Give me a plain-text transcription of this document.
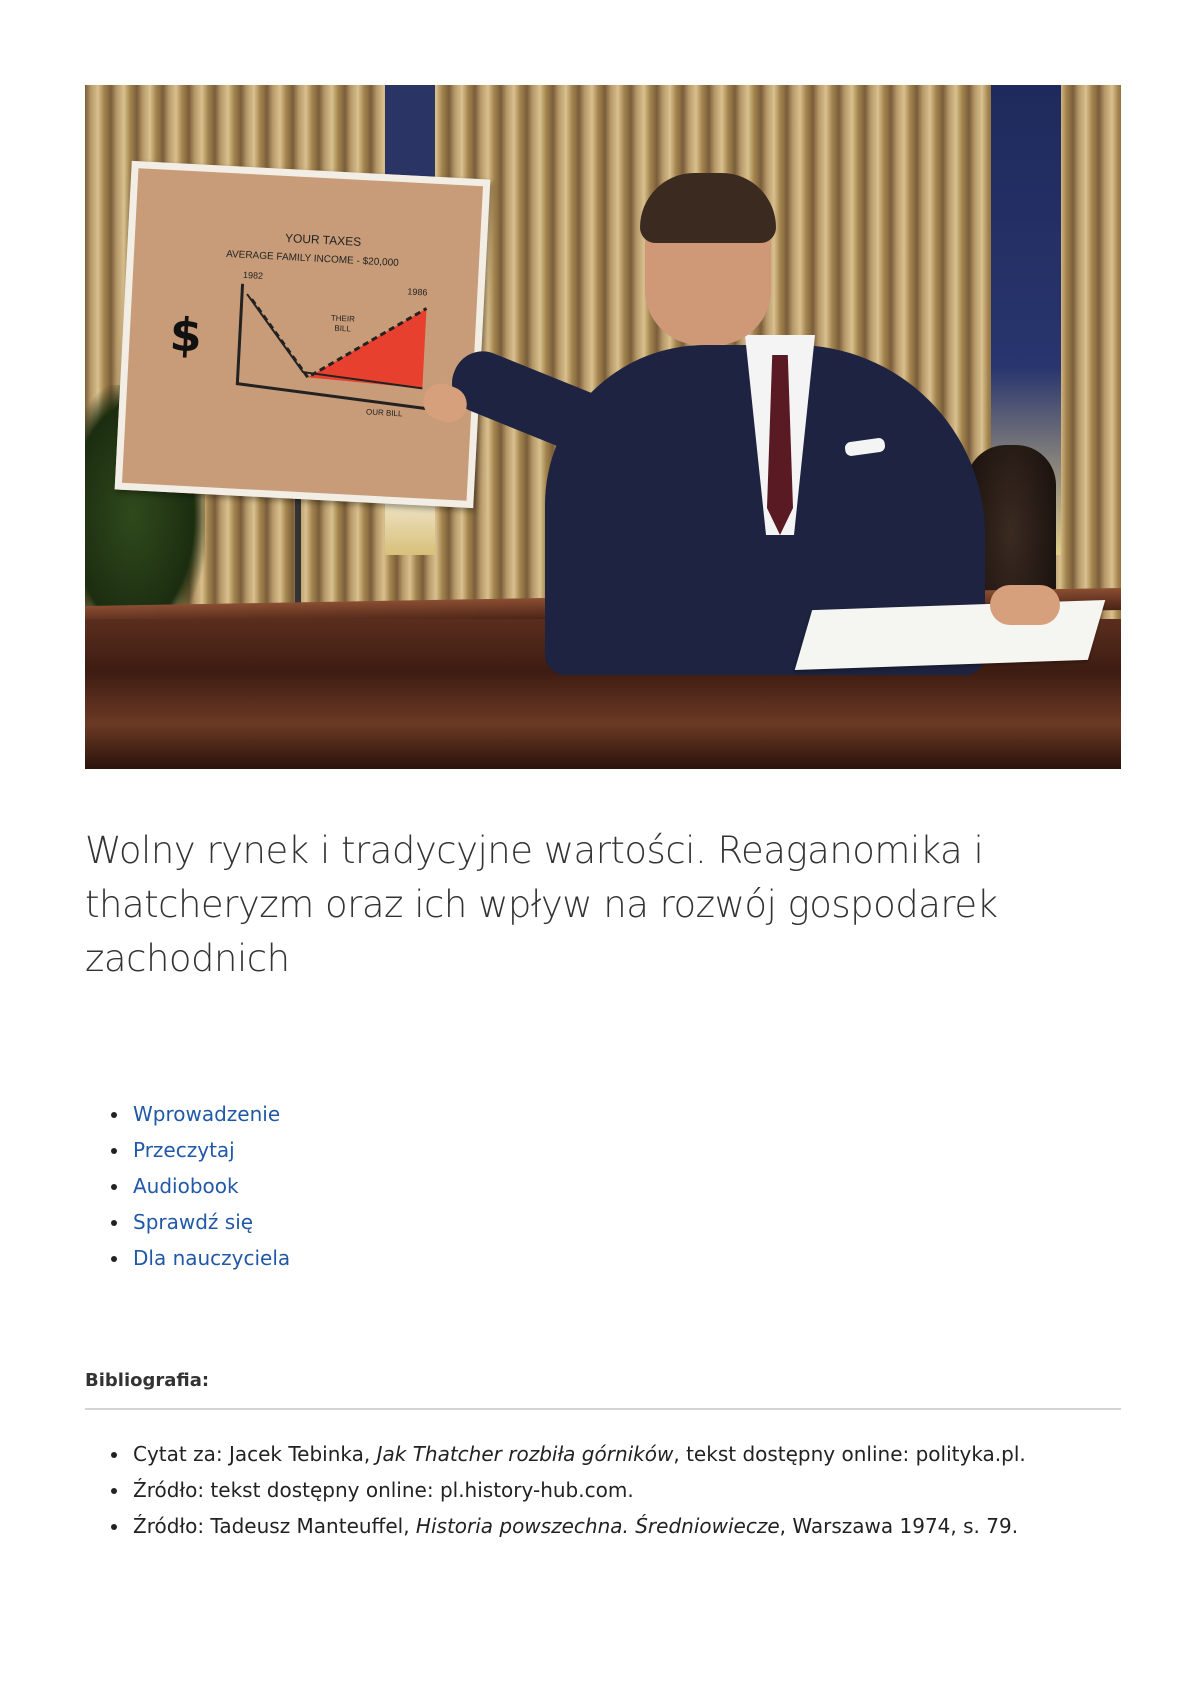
YOUR TAXES
AVERAGE FAMILY INCOME - $20,000
1982
1986
$	THEIR
BILL
OUR BILL
Wolny rynek i tradycyjne wartości. Reaganomika i thatcheryzm oraz ich wpływ na rozwój gospodarek zachodnich
Wprowadzenie
Przeczytaj
Audiobook
Sprawdź się
Dla nauczyciela
Bibliografia:
Cytat za: Jacek Tebinka, Jak Thatcher rozbiła górników, tekst dostępny online: polityka.pl.
Źródło: tekst dostępny online: pl.history-hub.com.
Źródło: Tadeusz Manteuffel, Historia powszechna. Średniowiecze, Warszawa 1974, s. 79.
